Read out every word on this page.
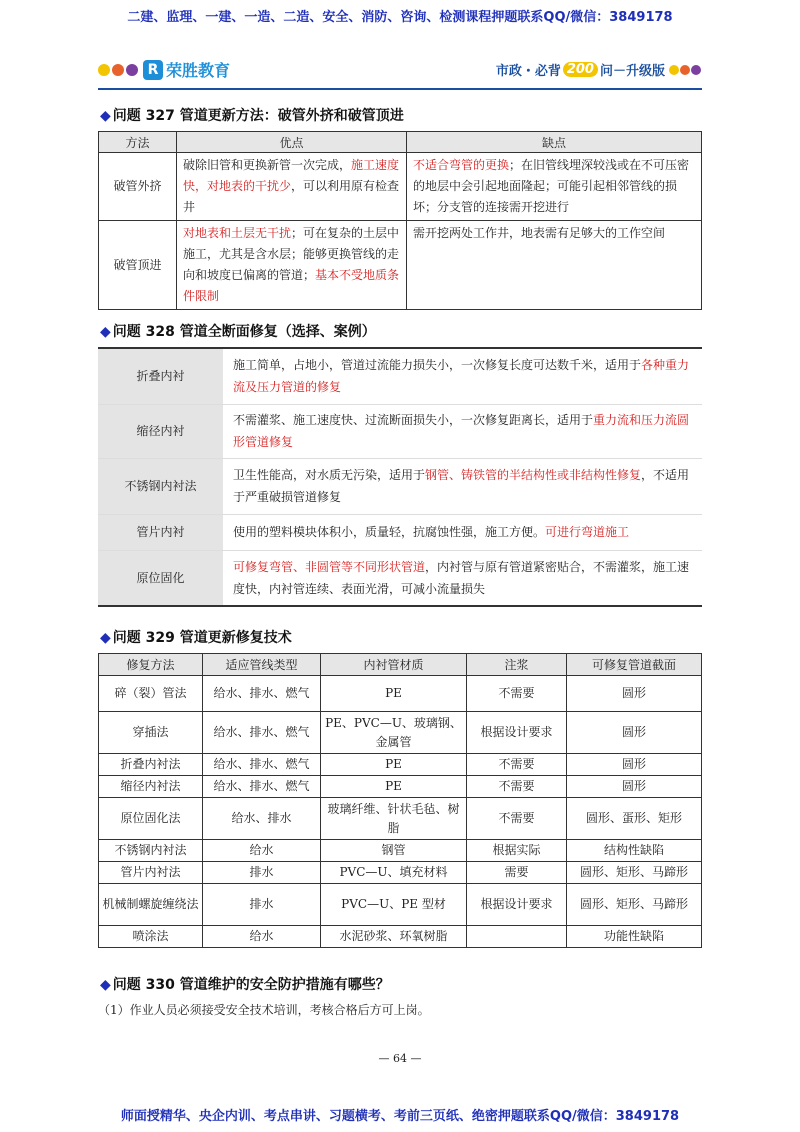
二建、监理、一建、一造、二造、安全、消防、咨询、检测课程押题联系QQ/微信：3849178
R 荣胜教育	市政・必背 200 问－升级版
◆ 问题 327 管道更新方法：破管外挤和破管顶进
方法	优点	缺点
破管外挤	破除旧管和更换新管一次完成，施工速度快，对地表的干扰少，可以利用原有检查井	不适合弯管的更换；在旧管线埋深较浅或在不可压密的地层中会引起地面隆起；可能引起相邻管线的损坏；分支管的连接需开挖进行
破管顶进	对地表和土层无干扰；可在复杂的土层中施工，尤其是含水层；能够更换管线的走向和坡度已偏离的管道；基本不受地质条件限制	需开挖两处工作井，地表需有足够大的工作空间
◆ 问题 328 管道全断面修复（选择、案例）
折叠内衬	施工简单，占地小，管道过流能力损失小，一次修复长度可达数千米，适用于各种重力流及压力管道的修复
缩径内衬	不需灌浆、施工速度快、过流断面损失小，一次修复距离长，适用于重力流和压力流圆形管道修复
不锈钢内衬法	卫生性能高，对水质无污染，适用于钢管、铸铁管的半结构性或非结构性修复，不适用于严重破损管道修复
管片内衬	使用的塑料模块体积小，质量轻，抗腐蚀性强，施工方便。可进行弯道施工
原位固化	可修复弯管、非圆管等不同形状管道，内衬管与原有管道紧密贴合，不需灌浆，施工速度快，内衬管连续、表面光滑，可减小流量损失
◆ 问题 329 管道更新修复技术
修复方法	适应管线类型	内衬管材质	注浆	可修复管道截面
碎（裂）管法	给水、排水、燃气	PE	不需要	圆形
穿插法	给水、排水、燃气	PE、PVC—U、玻璃钢、金属管	根据设计要求	圆形
折叠内衬法	给水、排水、燃气	PE	不需要	圆形
缩径内衬法	给水、排水、燃气	PE	不需要	圆形
原位固化法	给水、排水	玻璃纤维、针状毛毡、树脂	不需要	圆形、蛋形、矩形
不锈钢内衬法	给水	钢管	根据实际	结构性缺陷
管片内衬法	排水	PVC—U、填充材料	需要	圆形、矩形、马蹄形
机械制螺旋缠绕法	排水	PVC—U、PE 型材	根据设计要求	圆形、矩形、马蹄形
喷涂法	给水	水泥砂浆、环氧树脂		功能性缺陷
◆ 问题 330 管道维护的安全防护措施有哪些？
（1）作业人员必须接受安全技术培训，考核合格后方可上岗。
— 64 —
师面授精华、央企内训、考点串讲、习题横考、考前三页纸、绝密押题联系QQ/微信：3849178
